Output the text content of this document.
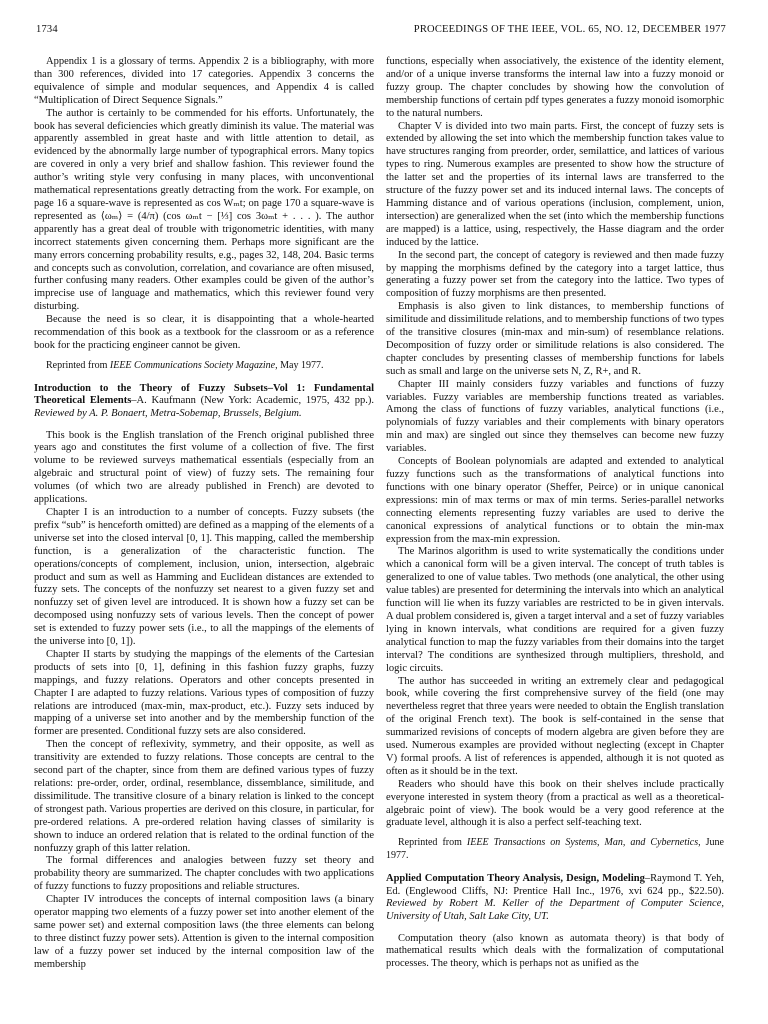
1734	PROCEEDINGS OF THE IEEE, VOL. 65, NO. 12, DECEMBER 1977

Appendix 1 is a glossary of terms. Appendix 2 is a bibliography, with more than 300 references, divided into 17 categories. Appendix 3 concerns the equivalence of simple and modular sequences, and Appendix 4 is called “Multiplication of Direct Sequence Signals.”

The author is certainly to be commended for his efforts. Unfortunately, the book has several deficiencies which greatly diminish its value. The material was apparently assembled in great haste and with little attention to detail, as evidenced by the abnormally large number of typographical errors. Many topics are covered in only a very brief and shallow fashion. This reviewer found the author’s writing style very confusing in many places, with unconventional mathematical representations greatly detracting from the work. For example, on page 16 a square-wave is represented as cos Wₘt; on page 170 a square-wave is represented as ⟨ωₘ⟩ = (4/π) (cos ωₘt − [⅓] cos 3ωₘt + . . . ). The author apparently has a great deal of trouble with trigonometric identities, with many incorrect statements given concerning them. Perhaps more significant are the many errors concerning probability results, e.g., pages 32, 148, 204. Basic terms and concepts such as convolution, correlation, and covariance are often misused, further confusing many readers. Other examples could be given of the author’s imprecise use of language and mathematics, which this reviewer found very disturbing.

Because the need is so clear, it is disappointing that a whole-hearted recommendation of this book as a textbook for the classroom or as a reference book for the practicing engineer cannot be given.

Reprinted from IEEE Communications Society Magazine, May 1977.

Introduction to the Theory of Fuzzy Subsets–Vol 1: Fundamental Theoretical Elements–A. Kaufmann (New York: Academic, 1975, 432 pp.). Reviewed by A. P. Bonaert, Metra-Sobemap, Brussels, Belgium.

This book is the English translation of the French original published three years ago and constitutes the first volume of a collection of five. The first volume to be reviewed surveys mathematical essentials (especially from an algebraic and structural point of view) of fuzzy sets. The remaining four volumes (of which two are already published in French) are devoted to applications.

Chapter I is an introduction to a number of concepts. Fuzzy subsets (the prefix “sub” is henceforth omitted) are defined as a mapping of the elements of a universe set into the closed interval [0, 1]. This mapping, called the membership function, is a generalization of the characteristic function. The operations/concepts of complement, inclusion, union, intersection, algebraic product and sum as well as Hamming and Euclidean distances are extended to fuzzy sets. The concepts of the nonfuzzy set nearest to a given fuzzy set and nonfuzzy set of given level are introduced. It is shown how a fuzzy set can be decomposed using nonfuzzy sets of various levels. Then the concept of power set is extended to fuzzy power sets (i.e., to all the mappings of the elements of the universe into [0, 1]).

Chapter II starts by studying the mappings of the elements of the Cartesian products of sets into [0, 1], defining in this fashion fuzzy graphs, fuzzy mappings, and fuzzy relations. Operators and other concepts presented in Chapter I are adapted to fuzzy relations. Various types of composition of fuzzy relations are introduced (max-min, max-product, etc.). Fuzzy sets induced by mapping of a universe set into another and by the membership function of the former are presented. Conditional fuzzy sets are also considered.

Then the concept of reflexivity, symmetry, and their opposite, as well as transitivity are extended to fuzzy relations. Those concepts are central to the second part of the chapter, since from them are defined various types of fuzzy relations: pre-order, order, ordinal, resemblance, dissemblance, similitude, and dissimilitude. The transitive closure of a binary relation is linked to the concept of strongest path. Various properties are derived on this closure, in particular, for pre-ordered relations. A pre-ordered relation having classes of similarity is shown to induce an ordered relation that is related to the ordinal function of the nonfuzzy graph of this latter relation.

The formal differences and analogies between fuzzy set theory and probability theory are summarized. The chapter concludes with two applications of fuzzy functions to fuzzy propositions and reliable structures.

Chapter IV introduces the concepts of internal composition laws (a binary operator mapping two elements of a fuzzy power set into another element of the same power set) and external composition laws (the three elements can belong to three distinct fuzzy power sets). Attention is given to the internal composition law of a fuzzy power set induced by the internal composition law of the membership

functions, especially when associatively, the existence of the identity element, and/or of a unique inverse transforms the internal law into a fuzzy monoid or fuzzy group. The chapter concludes by showing how the convolution of membership functions of certain pdf types generates a fuzzy monoid isomorphic to the natural numbers.

Chapter V is divided into two main parts. First, the concept of fuzzy sets is extended by allowing the set into which the membership function takes value to have structures ranging from preorder, order, semilattice, and lattices of various types to ring. Numerous examples are presented to show how the structure of the latter set and the properties of its internal laws are transferred to the structure of the fuzzy power set and its induced internal laws. The concepts of Hamming distance and of various operations (inclusion, complement, union, intersection) are generalized when the set (into which the membership functions are mapped) is a lattice, using, respectively, the Hasse diagram and the order induced by the lattice.

In the second part, the concept of category is reviewed and then made fuzzy by mapping the morphisms defined by the category into a target lattice, thus generating a fuzzy power set from the category into the lattice. Two types of composition of fuzzy morphisms are then presented.

Emphasis is also given to link distances, to membership functions of similitude and dissimilitude relations, and to membership functions of two types of the transitive closures (min-max and min-sum) of resemblance relations. Decomposition of fuzzy order or similitude relations is also considered. The chapter concludes by presenting classes of membership functions for labels such as small and large on the universe sets N, Z, R+, and R.

Chapter III mainly considers fuzzy variables and functions of fuzzy variables. Fuzzy variables are membership functions treated as variables. Among the class of functions of fuzzy variables, analytical functions (i.e., polynomials of fuzzy variables and their complements with binary operators min and max) are singled out since they themselves can become new fuzzy variables.

Concepts of Boolean polynomials are adapted and extended to analytical fuzzy functions such as the transformations of analytical functions into functions with one binary operator (Sheffer, Peirce) or in unique canonical expressions: min of max terms or max of min terms. Series-parallel networks connecting elements representing fuzzy variables are used to derive the canonical expressions of analytical functions or to obtain the min-max expression from the max-min expression.

The Marinos algorithm is used to write systematically the conditions under which a canonical form will be a given interval. The concept of truth tables is generalized to one of value tables. Two methods (one analytical, the other using value tables) are presented for determining the intervals into which an analytical function will lie when its fuzzy variables are restricted to be in given intervals. A dual problem considered is, given a target interval and a set of fuzzy variables lying in known intervals, what conditions are required for a given fuzzy analytical function to map the fuzzy variables from their domains into the target interval? The conditions are synthesized through multipliers, threshold, and logic circuits.

The author has succeeded in writing an extremely clear and pedagogical book, while covering the first comprehensive survey of the field (one may nevertheless regret that three years were needed to obtain the English translation of the original French text). The book is self-contained in the sense that summarized revisions of concepts of modern algebra are given before they are used. Numerous examples are provided without neglecting (except in Chapter V) formal proofs. A list of references is appended, although it is not quoted as often as it should be in the text.

Readers who should have this book on their shelves include practically everyone interested in system theory (from a practical as well as a theoretical-algebraic point of view). The book would be a very good reference at the graduate level, although it is also a perfect self-teaching text.

Reprinted from IEEE Transactions on Systems, Man, and Cybernetics, June 1977.

Applied Computation Theory Analysis, Design, Modeling–Raymond T. Yeh, Ed. (Englewood Cliffs, NJ: Prentice Hall Inc., 1976, xvi 624 pp., $22.50). Reviewed by Robert M. Keller of the Department of Computer Science, University of Utah, Salt Lake City, UT.

Computation theory (also known as automata theory) is that body of mathematical results which deals with the formalization of computational processes. The theory, which is perhaps not as unified as the
